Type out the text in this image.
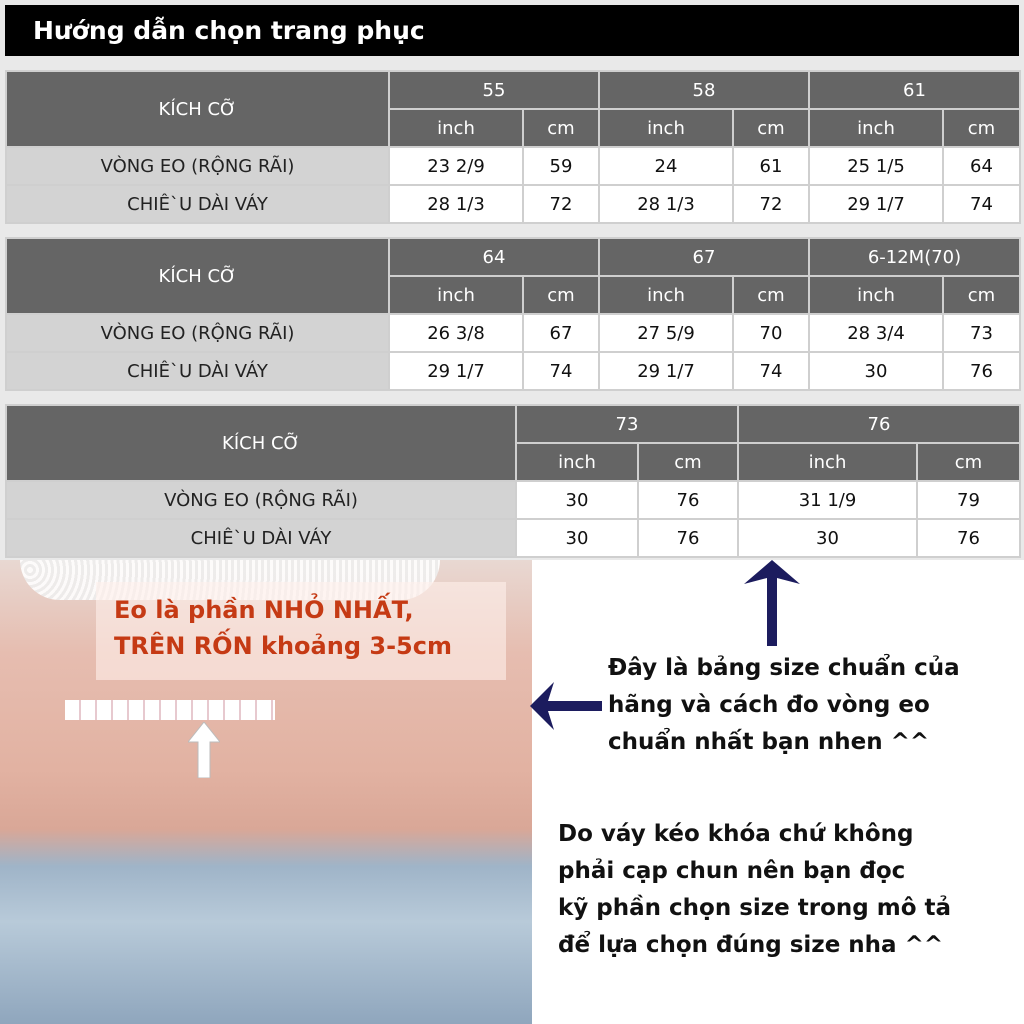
Hướng dẫn chọn trang phục
KÍCH CỠ	55		58		61	
	inch	cm	inch	cm	inch	cm
VÒNG EO (RỘNG RÃI)	23 2/9	59	24	61	25 1/5	64
CHIÊ`U DÀI VÁY	28 1/3	72	28 1/3	72	29 1/7	74
KÍCH CỠ	64		67		6-12M(70)	
	inch	cm	inch	cm	inch	cm
VÒNG EO (RỘNG RÃI)	26 3/8	67	27 5/9	70	28 3/4	73
CHIÊ`U DÀI VÁY	29 1/7	74	29 1/7	74	30	76
KÍCH CỠ	73		76	
	inch	cm	inch	cm
VÒNG EO (RỘNG RÃI)	30	76	31 1/9	79
CHIÊ`U DÀI VÁY	30	76	30	76
Eo là phần NHỎ NHẤT,
TRÊN RỐN khoảng 3-5cm
Đây là bảng size chuẩn của
hãng và cách đo vòng eo
chuẩn nhất bạn nhen ^^
Do váy kéo khóa chứ không
phải cạp chun nên bạn đọc
kỹ phần chọn size trong mô tả
để lựa chọn đúng size nha ^^
